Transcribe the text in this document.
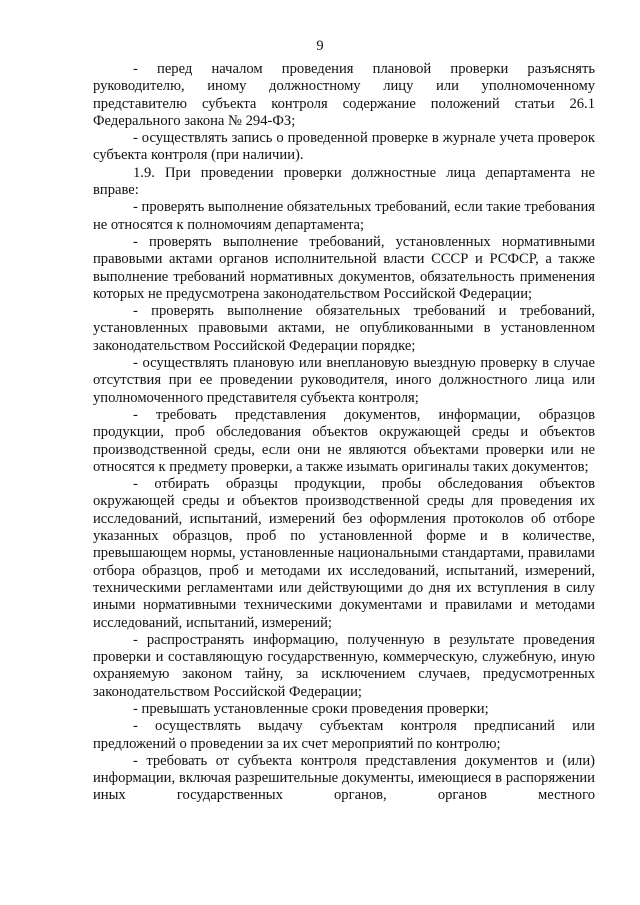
9

- перед началом проведения плановой проверки разъяснять руководителю, иному должностному лицу или уполномоченному представителю субъекта контроля содержание положений статьи 26.1 Федерального закона № 294-ФЗ;

- осуществлять запись о проведенной проверке в журнале учета проверок субъекта контроля (при наличии).

1.9. При проведении проверки должностные лица департамента не вправе:

- проверять выполнение обязательных требований, если такие требования не относятся к полномочиям департамента;

- проверять выполнение требований, установленных нормативными правовыми актами органов исполнительной власти СССР и РСФСР, а также выполнение требований нормативных документов, обязательность применения которых не предусмотрена законодательством Российской Федерации;

- проверять выполнение обязательных требований и требований, установленных правовыми актами, не опубликованными в установленном законодательством Российской Федерации порядке;

- осуществлять плановую или внеплановую выездную проверку в случае отсутствия при ее проведении руководителя, иного должностного лица или уполномоченного представителя субъекта контроля;

- требовать представления документов, информации, образцов продукции, проб обследования объектов окружающей среды и объектов производственной среды, если они не являются объектами проверки или не относятся к предмету проверки, а также изымать оригиналы таких документов;

- отбирать образцы продукции, пробы обследования объектов окружающей среды и объектов производственной среды для проведения их исследований, испытаний, измерений без оформления протоколов об отборе указанных образцов, проб по установленной форме и в количестве, превышающем нормы, установленные национальными стандартами, правилами отбора образцов, проб и методами их исследований, испытаний, измерений, техническими регламентами или действующими до дня их вступления в силу иными нормативными техническими документами и правилами и методами исследований, испытаний, измерений;

- распространять информацию, полученную в результате проведения проверки и составляющую государственную, коммерческую, служебную, иную охраняемую законом тайну, за исключением случаев, предусмотренных законодательством Российской Федерации;

- превышать установленные сроки проведения проверки;

- осуществлять выдачу субъектам контроля предписаний или предложений о проведении за их счет мероприятий по контролю;

- требовать от субъекта контроля представления документов и (или) информации, включая разрешительные документы, имеющиеся в распоряжении иных государственных органов, органов местного
